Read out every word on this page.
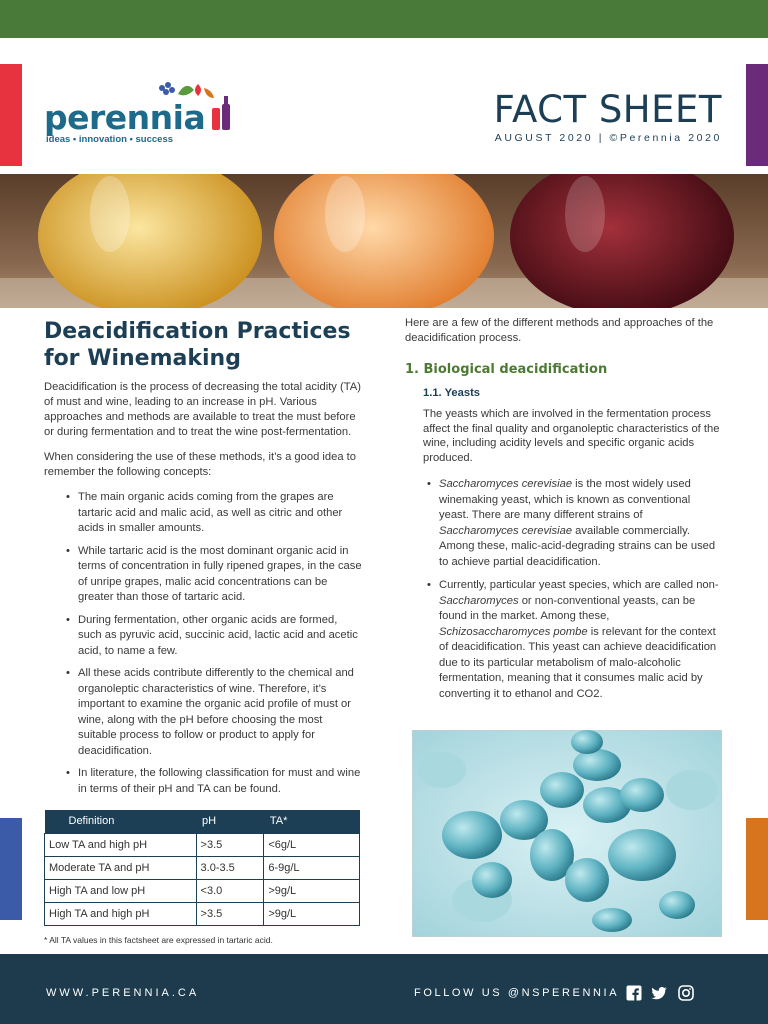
perennia
ideas • innovation • success
FACT SHEET
AUGUST 2020 | ©Perennia 2020
Deacidification Practices
for Winemaking

Deacidification is the process of decreasing the total acidity (TA) of must and wine, leading to an increase in pH. Various approaches and methods are available to treat the must before or during fermentation and to treat the wine post-fermentation.

When considering the use of these methods, it’s a good idea to remember the following concepts:

• The main organic acids coming from the grapes are tartaric acid and malic acid, as well as citric and other acids in smaller amounts.
• While tartaric acid is the most dominant organic acid in terms of concentration in fully ripened grapes, in the case of unripe grapes, malic acid concentrations can be greater than those of tartaric acid.
• During fermentation, other organic acids are formed, such as pyruvic acid, succinic acid, lactic acid and acetic acid, to name a few.
• All these acids contribute differently to the chemical and organoleptic characteristics of wine. Therefore, it’s important to examine the organic acid profile of must or wine, along with the pH before choosing the most suitable process to follow or product to apply for deacidification.
• In literature, the following classification for must and wine in terms of their pH and TA can be found.
Definition	pH	TA*
Low TA and high pH	>3.5	<6g/L
Moderate TA and pH	3.0-3.5	6-9g/L
High TA and low pH	<3.0	>9g/L
High TA and high pH	>3.5	>9g/L
* All TA values in this factsheet are expressed in tartaric acid.

Here are a few of the different methods and approaches of the deacidification process.

1. Biological deacidification
1.1. Yeasts

The yeasts which are involved in the fermentation process affect the final quality and organoleptic characteristics of the wine, including acidity levels and specific organic acids produced.

• Saccharomyces cerevisiae is the most widely used winemaking yeast, which is known as conventional yeast. There are many different strains of Saccharomyces cerevisiae available commercially. Among these, malic-acid-degrading strains can be used to achieve partial deacidification.
• Currently, particular yeast species, which are called non-Saccharomyces or non-conventional yeasts, can be found in the market. Among these, Schizosaccharomyces pombe is relevant for the context of deacidification. This yeast can achieve deacidification due to its particular metabolism of malo-alcoholic fermentation, meaning that it consumes malic acid by converting it to ethanol and CO2.
WWW.PERENNIA.CA	FOLLOW US @NSPERENNIA
